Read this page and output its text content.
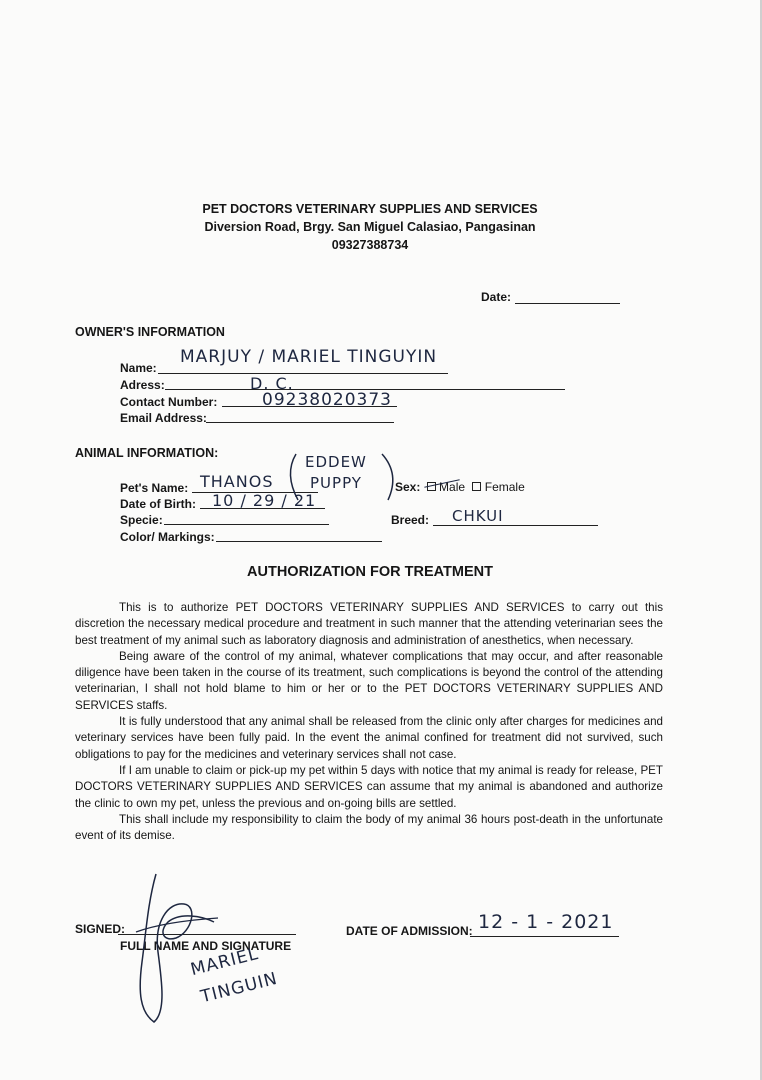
PET DOCTORS VETERINARY SUPPLIES AND SERVICES
Diversion Road, Brgy. San Miguel Calasiao, Pangasinan
09327388734
Date:
OWNER'S INFORMATION
Name:
MARJUY / MARIEL TINGUYIN
Adress:	D. C.
Contact Number:	09238020373
Email Address:
ANIMAL INFORMATION:
Pet's Name: THANOS
EDDEW
PUPPY
Date of Birth: 10 / 29 / 21
Specie:
Color/ Markings:
Sex: Male Female
Breed: CHKUI
AUTHORIZATION FOR TREATMENT

This is to authorize PET DOCTORS VETERINARY SUPPLIES AND SERVICES to carry out this discretion the necessary medical procedure and treatment in such manner that the attending veterinarian sees the best treatment of my animal such as laboratory diagnosis and administration of anesthetics, when necessary.

Being aware of the control of my animal, whatever complications that may occur, and after reasonable diligence have been taken in the course of its treatment, such complications is beyond the control of the attending veterinarian, I shall not hold blame to him or her or to the PET DOCTORS VETERINARY SUPPLIES AND SERVICES staffs.

It is fully understood that any animal shall be released from the clinic only after charges for medicines and veterinary services have been fully paid. In the event the animal confined for treatment did not survived, such obligations to pay for the medicines and veterinary services shall not case.

If I am unable to claim or pick-up my pet within 5 days with notice that my animal is ready for release, PET DOCTORS VETERINARY SUPPLIES AND SERVICES can assume that my animal is abandoned and authorize the clinic to own my pet, unless the previous and on-going bills are settled.

This shall include my responsibility to claim the body of my animal 36 hours post-death in the unfortunate event of its demise.

SIGNED:
FULL NAME AND SIGNATURE
MARIEL
TINGUIN
DATE OF ADMISSION: 12 - 1 - 2021
